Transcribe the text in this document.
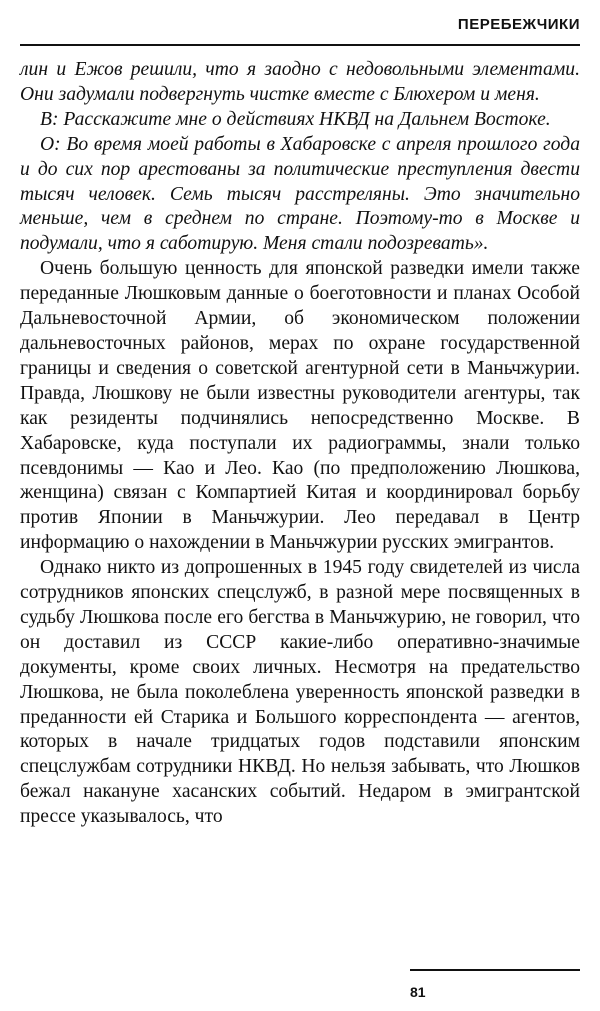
ПЕРЕБЕЖЧИКИ

лин и Ежов решили, что я заодно с недовольными элементами. Они задумали подвергнуть чистке вместе с Блюхером и меня.

В: Расскажите мне о действиях НКВД на Дальнем Востоке.

О: Во время моей работы в Хабаровске с апреля прошлого года и до сих пор арестованы за политические преступления двести тысяч человек. Семь тысяч расстреляны. Это значительно меньше, чем в среднем по стране. Поэтому-то в Москве и подумали, что я саботирую. Меня стали подозревать».

Очень большую ценность для японской разведки имели также переданные Люшковым данные о боеготовности и планах Особой Дальневосточной Армии, об экономическом положении дальневосточных районов, мерах по охране государственной границы и сведения о советской агентурной сети в Маньчжурии. Правда, Люшкову не были известны руководители агентуры, так как резиденты подчинялись непосредственно Москве. В Хабаровске, куда поступали их радиограммы, знали только псевдонимы — Као и Лео. Као (по предположению Люшкова, женщина) связан с Компартией Китая и координировал борьбу против Японии в Маньчжурии. Лео передавал в Центр информацию о нахождении в Маньчжурии русских эмигрантов.

Однако никто из допрошенных в 1945 году свидетелей из числа сотрудников японских спецслужб, в разной мере посвященных в судьбу Люшкова после его бегства в Маньчжурию, не говорил, что он доставил из СССР какие-либо оперативно-значимые документы, кроме своих личных. Несмотря на предательство Люшкова, не была поколеблена уверенность японской разведки в преданности ей Старика и Большого корреспондента — агентов, которых в начале тридцатых годов подставили японским спецслужбам сотрудники НКВД. Но нельзя забывать, что Люшков бежал накануне хасанских событий. Недаром в эмигрантской прессе указывалось, что

81
